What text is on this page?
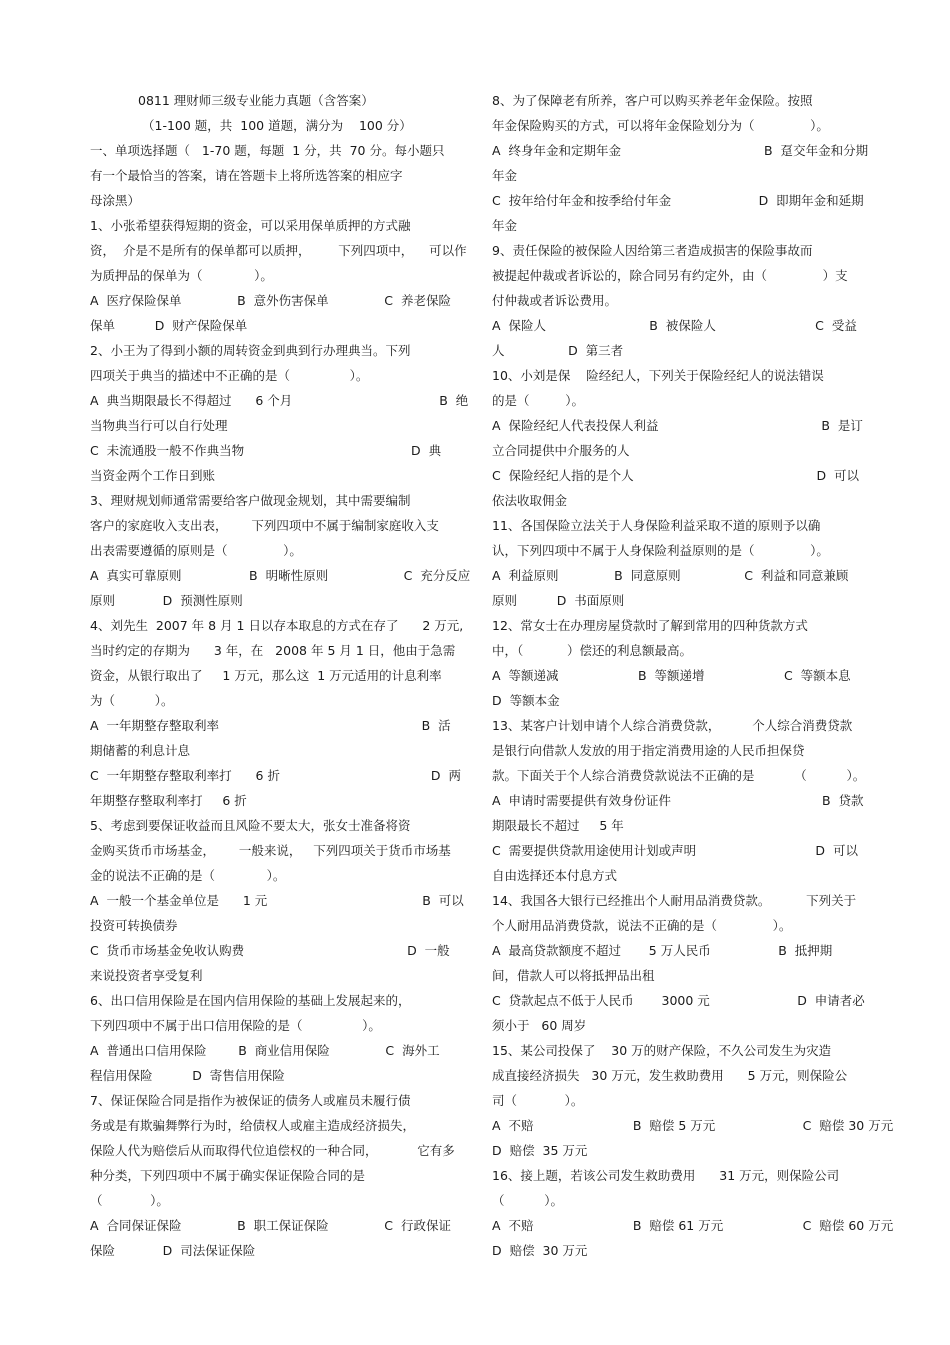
0811 理财师三级专业能力真题（含答案）
（1-100 题，共  100 道题，满分为    100 分）
一、单项选择题（   1-70 题，每题  1 分，共  70 分。每小题只
有一个最恰当的答案，请在答题卡上将所选答案的相应字
母涂黑）
1、小张希望获得短期的资金，可以采用保单质押的方式融
资，  介是不是所有的保单都可以质押，       下列四项中，    可以作
为质押品的保单为（             ）。
A  医疗保险保单              B  意外伤害保单              C  养老保险
保单          D  财产保险保单
2、小王为了得到小额的周转资金到典到行办理典当。下列
四项关于典当的描述中不正确的是（               ）。
A  典当期限最长不得超过      6 个月                                     B  绝
当物典当行可以自行处理
C  未流通股一般不作典当物                                          D  典
当资金两个工作日到账
3、理财规划师通常需要给客户做现金规划，其中需要编制
客户的家庭收入支出表，      下列四项中不属于编制家庭收入支
出表需要遵循的原则是（              ）。
A  真实可靠原则                 B  明晰性原则                   C  充分反应
原则            D  预测性原则
4、刘先生  2007 年 8 月 1 日以存本取息的方式在存了      2 万元,
当时约定的存期为      3 年，在   2008 年 5 月 1 日，他由于急需
资金，从银行取出了     1 万元，那么这  1 万元适用的计息利率
为（          ）。
A  一年期整存整取利率                                                   B  活
期储蓄的利息计息
C  一年期整存整取利率打      6 折                                      D  两
年期整存整取利率打     6 折
5、考虑到要保证收益而且风险不要太大，张女士准备将资
金购买货币市场基金，      一般来说，   下列四项关于货币市场基
金的说法不正确的是（             ）。
A  一般一个基金单位是      1 元                                       B  可以
投资可转换债券
C  货币市场基金免收认购费                                         D  一般
来说投资者享受复利
6、出口信用保险是在国内信用保险的基础上发展起来的，
下列四项中不属于出口信用保险的是（               ）。
A  普通出口信用保险        B  商业信用保险              C  海外工
程信用保险          D  寄售信用保险
7、保证保险合同是指作为被保证的债务人或雇员未履行债
务或是有欺骗舞弊行为时，给债权人或雇主造成经济损失，
保险人代为赔偿后从而取得代位追偿权的一种合同，          它有多
种分类，下列四项中不属于确实保证保险合同的是
（            ）。
A  合同保证保险              B  职工保证保险              C  行政保证
保险            D  司法保证保险
8、为了保障老有所养，客户可以购买养老年金保险。按照
年金保险购买的方式，可以将年金保险划分为（              ）。
A  终身年金和定期年金                                    B  趸交年金和分期
年金
C  按年给付年金和按季给付年金                      D  即期年金和延期
年金
9、责任保险的被保险人因给第三者造成损害的保险事故而
被提起仲裁或者诉讼的，除合同另有约定外，由（              ）支
付仲裁或者诉讼费用。
A  保险人                          B  被保险人                         C  受益
人                D  第三者
10、小刘是保    险经纪人，下列关于保险经纪人的说法错误
的是（         ）。
A  保险经纪人代表投保人利益                                         B  是订
立合同提供中介服务的人
C  保险经纪人指的是个人                                              D  可以
依法收取佣金
11、各国保险立法关于人身保险利益采取不道的原则予以确
认，下列四项中不属于人身保险利益原则的是（              ）。
A  利益原则              B  同意原则                C  利益和同意兼顾
原则          D  书面原则
12、常女士在办理房屋贷款时了解到常用的四种货款方式
中，（           ）偿还的利息额最高。
A  等额递减                    B  等额递增                    C  等额本息
D  等额本金
13、某客户计划申请个人综合消费贷款，        个人综合消费贷款
是银行向借款人发放的用于指定消费用途的人民币担保贷
款。下面关于个人综合消费贷款说法不正确的是          （          ）。
A  申请时需要提供有效身份证件                                      B  贷款
期限最长不超过     5 年
C  需要提供贷款用途使用计划或声明                              D  可以
自由选择还本付息方式
14、我国各大银行已经推出个人耐用品消费贷款。         下列关于
个人耐用品消费贷款，说法不正确的是（              ）。
A  最高贷款额度不超过       5 万人民币                 B  抵押期
间，借款人可以将抵押品出租
C  贷款起点不低于人民币       3000 元                      D  申请者必
须小于   60 周岁
15、某公司投保了    30 万的财产保险，不久公司发生为灾造
成直接经济损失   30 万元，发生救助费用      5 万元，则保险公
司（            ）。
A  不赔                         B  赔偿 5 万元                      C  赔偿 30 万元
D  赔偿  35 万元
16、接上题，若该公司发生救助费用      31 万元，则保险公司
（          ）。
A  不赔                         B  赔偿 61 万元                    C  赔偿 60 万元
D  赔偿  30 万元
